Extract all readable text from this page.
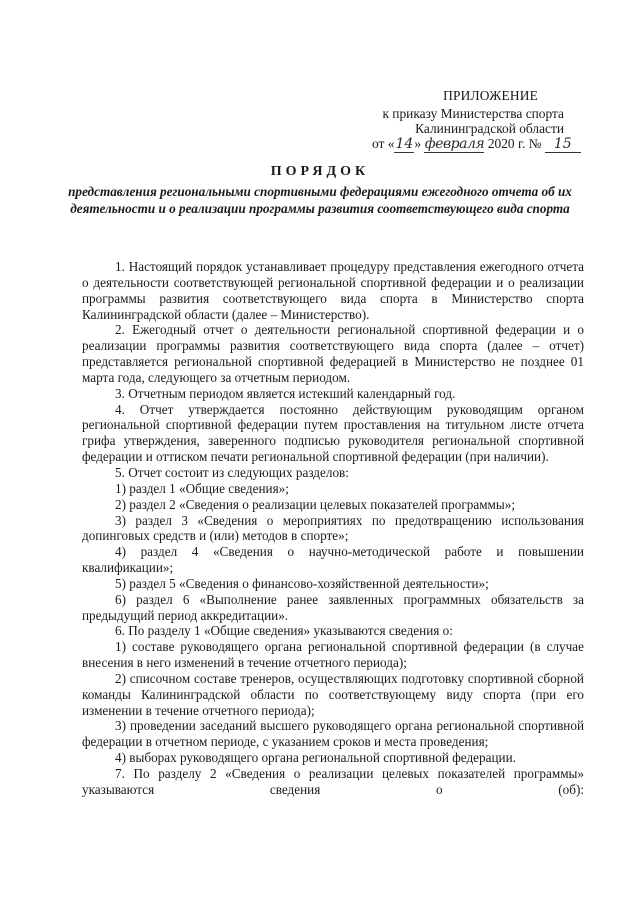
ПРИЛОЖЕНИЕ
к приказу Министерства спорта
Калининградской области
от «14» февраля 2020 г. № 15
ПОРЯДОК
представления региональными спортивными федерациями ежегодного отчета об их деятельности и о реализации программы развития соответствующего вида спорта

1. Настоящий порядок устанавливает процедуру представления ежегодного отчета о деятельности соответствующей региональной спортивной федерации и о реализации программы развития соответствующего вида спорта в Министерство спорта Калининградской области (далее – Министерство).

2. Ежегодный отчет о деятельности региональной спортивной федерации и о реализации программы развития соответствующего вида спорта (далее – отчет) представляется региональной спортивной федерацией в Министерство не позднее 01 марта года, следующего за отчетным периодом.

3. Отчетным периодом является истекший календарный год.

4. Отчет утверждается постоянно действующим руководящим органом региональной спортивной федерации путем проставления на титульном листе отчета грифа утверждения, заверенного подписью руководителя региональной спортивной федерации и оттиском печати региональной спортивной федерации (при наличии).

5. Отчет состоит из следующих разделов:

1) раздел 1 «Общие сведения»;

2) раздел 2 «Сведения о реализации целевых показателей программы»;

3) раздел 3 «Сведения о мероприятиях по предотвращению использования допинговых средств и (или) методов в спорте»;

4) раздел 4 «Сведения о научно-методической работе и повышении квалификации»;

5) раздел 5 «Сведения о финансово-хозяйственной деятельности»;

6) раздел 6 «Выполнение ранее заявленных программных обязательств за предыдущий период аккредитации».

6. По разделу 1 «Общие сведения» указываются сведения о:

1) составе руководящего органа региональной спортивной федерации (в случае внесения в него изменений в течение отчетного периода);

2) списочном составе тренеров, осуществляющих подготовку спортивной сборной команды Калининградской области по соответствующему виду спорта (при его изменении в течение отчетного периода);

3) проведении заседаний высшего руководящего органа региональной спортивной федерации в отчетном периоде, с указанием сроков и места проведения;

4) выборах руководящего органа региональной спортивной федерации.

7. По разделу 2 «Сведения о реализации целевых показателей программы» указываются сведения о (об):
